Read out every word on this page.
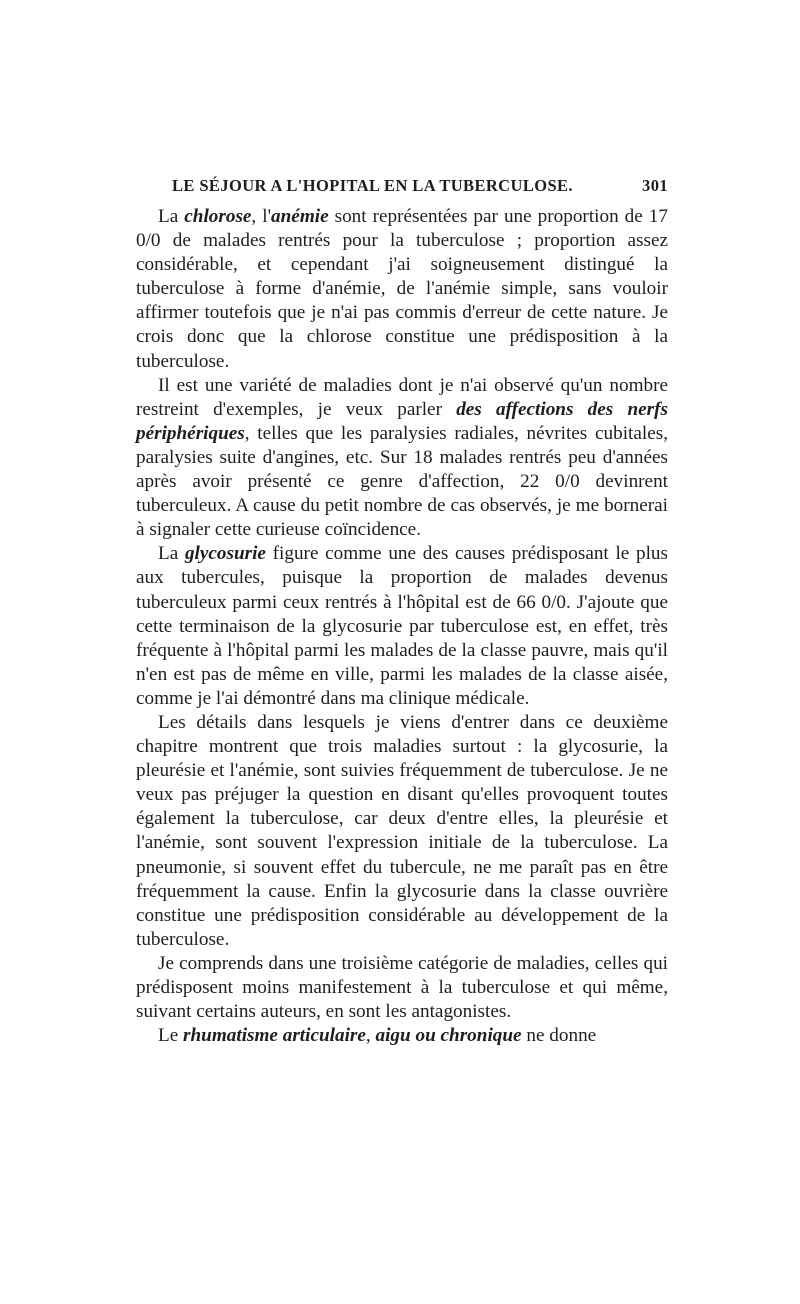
LE SÉJOUR A L'HOPITAL EN LA TUBERCULOSE.	301

La chlorose, l'anémie sont représentées par une proportion de 17 0/0 de malades rentrés pour la tuberculose ; proportion assez considérable, et cependant j'ai soigneusement distingué la tuberculose à forme d'anémie, de l'anémie simple, sans vouloir affirmer toutefois que je n'ai pas commis d'erreur de cette nature. Je crois donc que la chlorose constitue une prédisposition à la tuberculose.

Il est une variété de maladies dont je n'ai observé qu'un nombre restreint d'exemples, je veux parler des affections des nerfs périphériques, telles que les paralysies radiales, névrites cubitales, paralysies suite d'angines, etc. Sur 18 malades rentrés peu d'années après avoir présenté ce genre d'affection, 22 0/0 devinrent tuberculeux. A cause du petit nombre de cas observés, je me bornerai à signaler cette curieuse coïncidence.

La glycosurie figure comme une des causes prédisposant le plus aux tubercules, puisque la proportion de malades devenus tuberculeux parmi ceux rentrés à l'hôpital est de 66 0/0. J'ajoute que cette terminaison de la glycosurie par tuberculose est, en effet, très fréquente à l'hôpital parmi les malades de la classe pauvre, mais qu'il n'en est pas de même en ville, parmi les malades de la classe aisée, comme je l'ai démontré dans ma clinique médicale.

Les détails dans lesquels je viens d'entrer dans ce deuxième chapitre montrent que trois maladies surtout : la glycosurie, la pleurésie et l'anémie, sont suivies fréquemment de tuberculose. Je ne veux pas préjuger la question en disant qu'elles provoquent toutes également la tuberculose, car deux d'entre elles, la pleurésie et l'anémie, sont souvent l'expression initiale de la tuberculose. La pneumonie, si souvent effet du tubercule, ne me paraît pas en être fréquemment la cause. Enfin la glycosurie dans la classe ouvrière constitue une prédisposition considérable au développement de la tuberculose.

Je comprends dans une troisième catégorie de maladies, celles qui prédisposent moins manifestement à la tuberculose et qui même, suivant certains auteurs, en sont les antagonistes.

Le rhumatisme articulaire, aigu ou chronique ne donne
